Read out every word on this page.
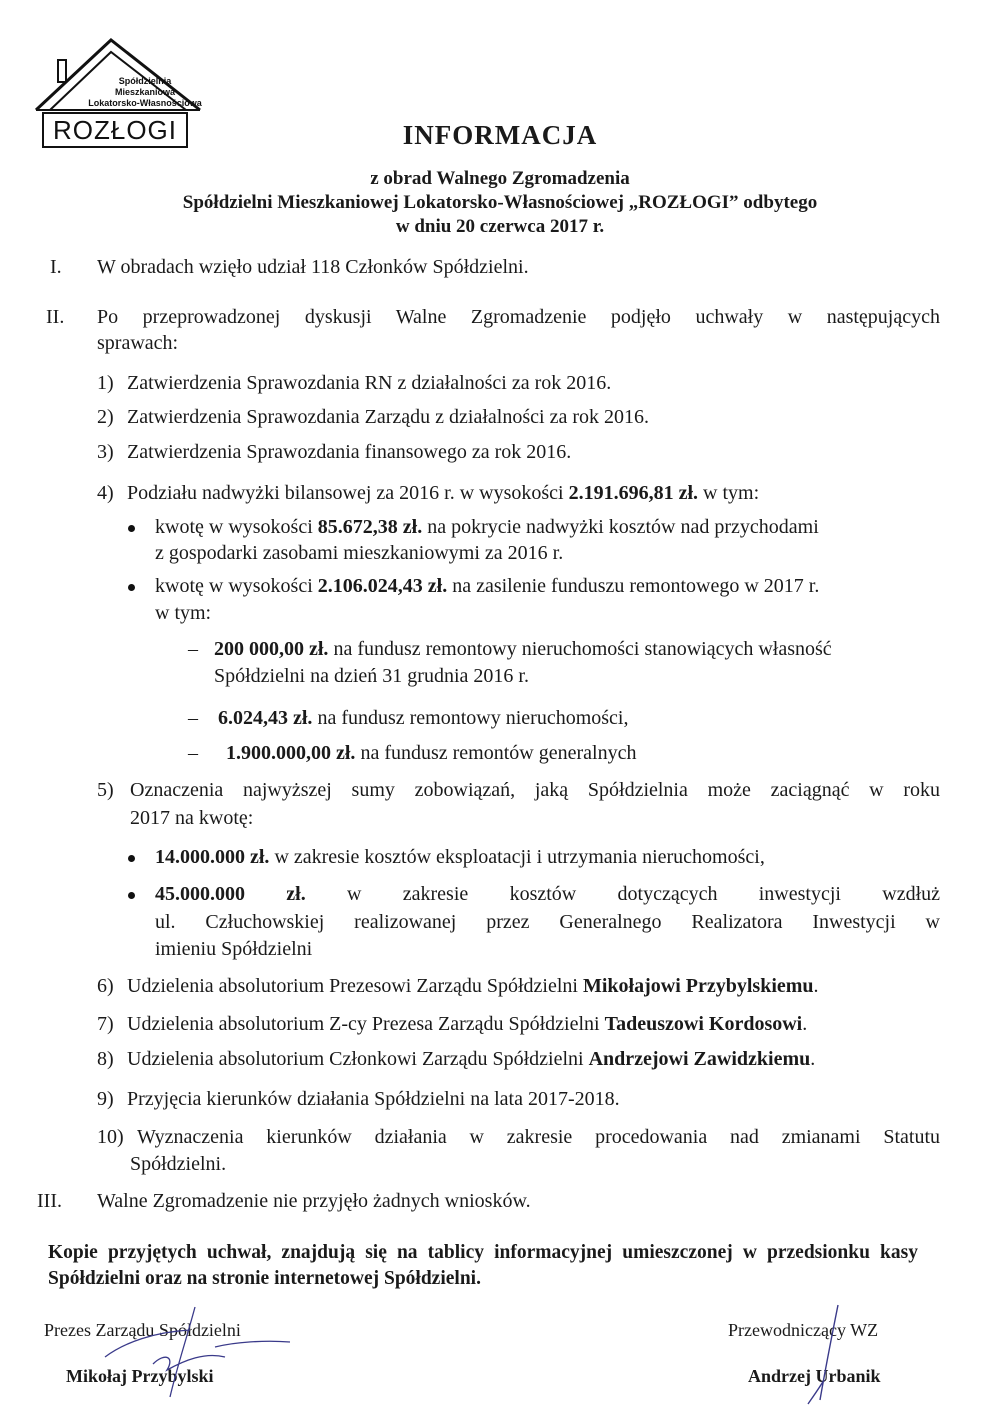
Spółdzielnia
Mieszkaniowa
Lokatorsko-Własnościowa
ROZŁOGI	INFORMACJA
z obrad Walnego Zgromadzenia
Spółdzielni Mieszkaniowej Lokatorsko-Własnościowej „ROZŁOGI” odbytego
w dniu 20 czerwca 2017 r.
I. W obradach wzięło udział 118 Członków Spółdzielni.
II. Po przeprowadzonej dyskusji Walne Zgromadzenie podjęło uchwały w następujących
sprawach:
1) Zatwierdzenia Sprawozdania RN z działalności za rok 2016.
2) Zatwierdzenia Sprawozdania Zarządu z działalności za rok 2016.
3) Zatwierdzenia Sprawozdania finansowego za rok 2016.
4) Podziału nadwyżki bilansowej za 2016 r. w wysokości 2.191.696,81 zł. w tym:
kwotę w wysokości 85.672,38 zł. na pokrycie nadwyżki kosztów nad przychodami
z gospodarki zasobami mieszkaniowymi za 2016 r.
kwotę w wysokości 2.106.024,43 zł. na zasilenie funduszu remontowego w 2017 r.
w tym:
– 200 000,00 zł. na fundusz remontowy nieruchomości stanowiących własność
Spółdzielni na dzień 31 grudnia 2016 r.
– 6.024,43 zł. na fundusz remontowy nieruchomości,
– 1.900.000,00 zł. na fundusz remontów generalnych
5) Oznaczenia najwyższej sumy zobowiązań, jaką Spółdzielnia może zaciągnąć w roku
2017 na kwotę:
14.000.000 zł. w zakresie kosztów eksploatacji i utrzymania nieruchomości,
45.000.000 zł. w zakresie kosztów dotyczących inwestycji wzdłuż
ul. Człuchowskiej realizowanej przez Generalnego Realizatora Inwestycji w
imieniu Spółdzielni
6) Udzielenia absolutorium Prezesowi Zarządu Spółdzielni Mikołajowi Przybylskiemu.
7) Udzielenia absolutorium Z-cy Prezesa Zarządu Spółdzielni Tadeuszowi Kordosowi.
8) Udzielenia absolutorium Członkowi Zarządu Spółdzielni Andrzejowi Zawidzkiemu.
9) Przyjęcia kierunków działania Spółdzielni na lata 2017-2018.
10) Wyznaczenia kierunków działania w zakresie procedowania nad zmianami Statutu
Spółdzielni.
III. Walne Zgromadzenie nie przyjęło żadnych wniosków.
Kopie przyjętych uchwał, znajdują się na tablicy informacyjnej umieszczonej w przedsionku kasy Spółdzielni oraz na stronie internetowej Spółdzielni.
Prezes Zarządu Spółdzielni
Mikołaj Przybylski
Przewodniczący WZ
Andrzej Urbanik
